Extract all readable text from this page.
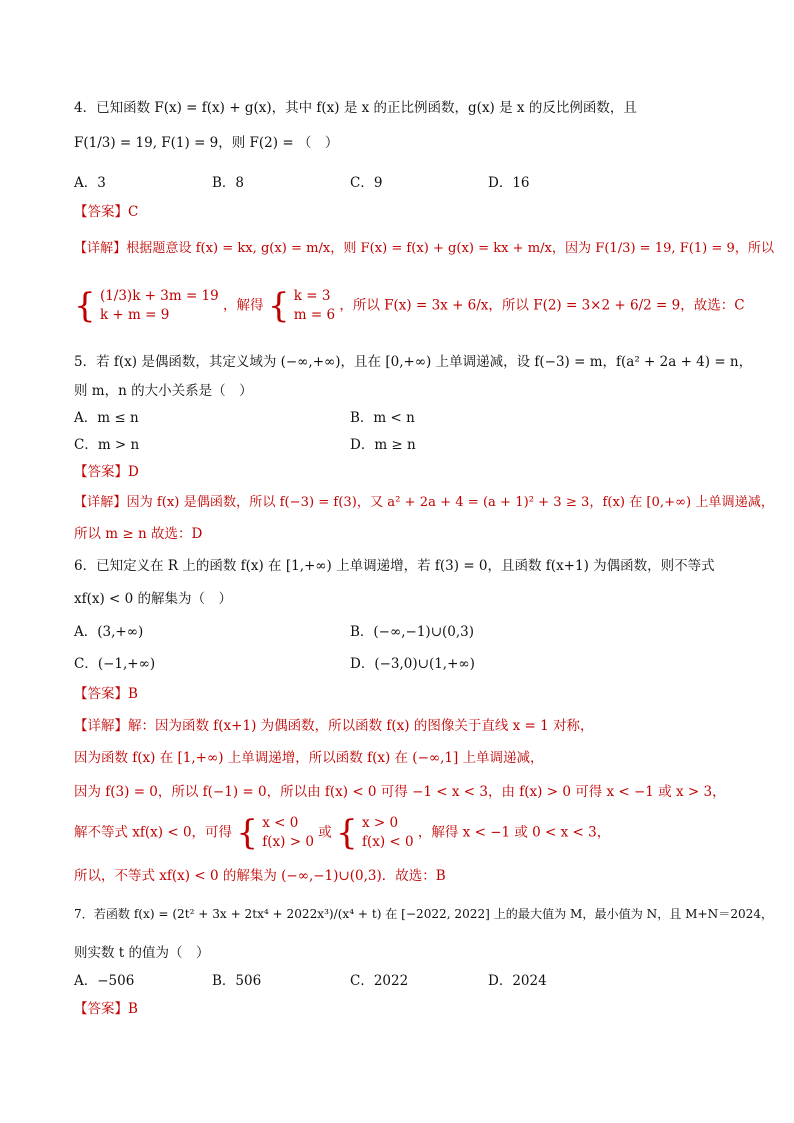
4．已知函数 F(x) = f(x) + g(x)，其中 f(x) 是 x 的正比例函数，g(x) 是 x 的反比例函数，且
F(1/3) = 19, F(1) = 9，则 F(2) = （　）
A．3	B．8	C．9	D．16
【答案】C
【详解】根据题意设 f(x) = kx, g(x) = m/x，则 F(x) = f(x) + g(x) = kx + m/x，因为 F(1/3) = 19, F(1) = 9，所以
{ (1/3)k + 3m = 19
k + m = 9
，解得 { k = 3
m = 6
，所以 F(x) = 3x + 6/x，所以 F(2) = 3×2 + 6/2 = 9，故选：C
5．若 f(x) 是偶函数，其定义域为 (−∞,+∞)，且在 [0,+∞) 上单调递减，设 f(−3) = m，f(a² + 2a + 4) = n，
则 m，n 的大小关系是（　）
A．m ≤ n	B．m < n
C．m > n	D．m ≥ n
【答案】D
【详解】因为 f(x) 是偶函数，所以 f(−3) = f(3)，又 a² + 2a + 4 = (a + 1)² + 3 ≥ 3，f(x) 在 [0,+∞) 上单调递减，
所以 m ≥ n 故选：D
6．已知定义在 R 上的函数 f(x) 在 [1,+∞) 上单调递增，若 f(3) = 0，且函数 f(x+1) 为偶函数，则不等式
xf(x) < 0 的解集为（　）
A．(3,+∞)	B．(−∞,−1)∪(0,3)
C．(−1,+∞)	D．(−3,0)∪(1,+∞)
【答案】B
【详解】解：因为函数 f(x+1) 为偶函数，所以函数 f(x) 的图像关于直线 x = 1 对称，
因为函数 f(x) 在 [1,+∞) 上单调递增，所以函数 f(x) 在 (−∞,1] 上单调递减，
因为 f(3) = 0，所以 f(−1) = 0，所以由 f(x) < 0 可得 −1 < x < 3，由 f(x) > 0 可得 x < −1 或 x > 3，
解不等式 xf(x) < 0，可得 { x < 0
f(x) > 0
或 { x > 0
f(x) < 0
，解得 x < −1 或 0 < x < 3，
所以，不等式 xf(x) < 0 的解集为 (−∞,−1)∪(0,3)．故选：B
7．若函数 f(x) = (2t² + 3x + 2tx⁴ + 2022x³)/(x⁴ + t) 在 [−2022, 2022] 上的最大值为 M，最小值为 N，且 M+N＝2024，
则实数 t 的值为（　）
A．−506	B．506	C．2022	D．2024
【答案】B
